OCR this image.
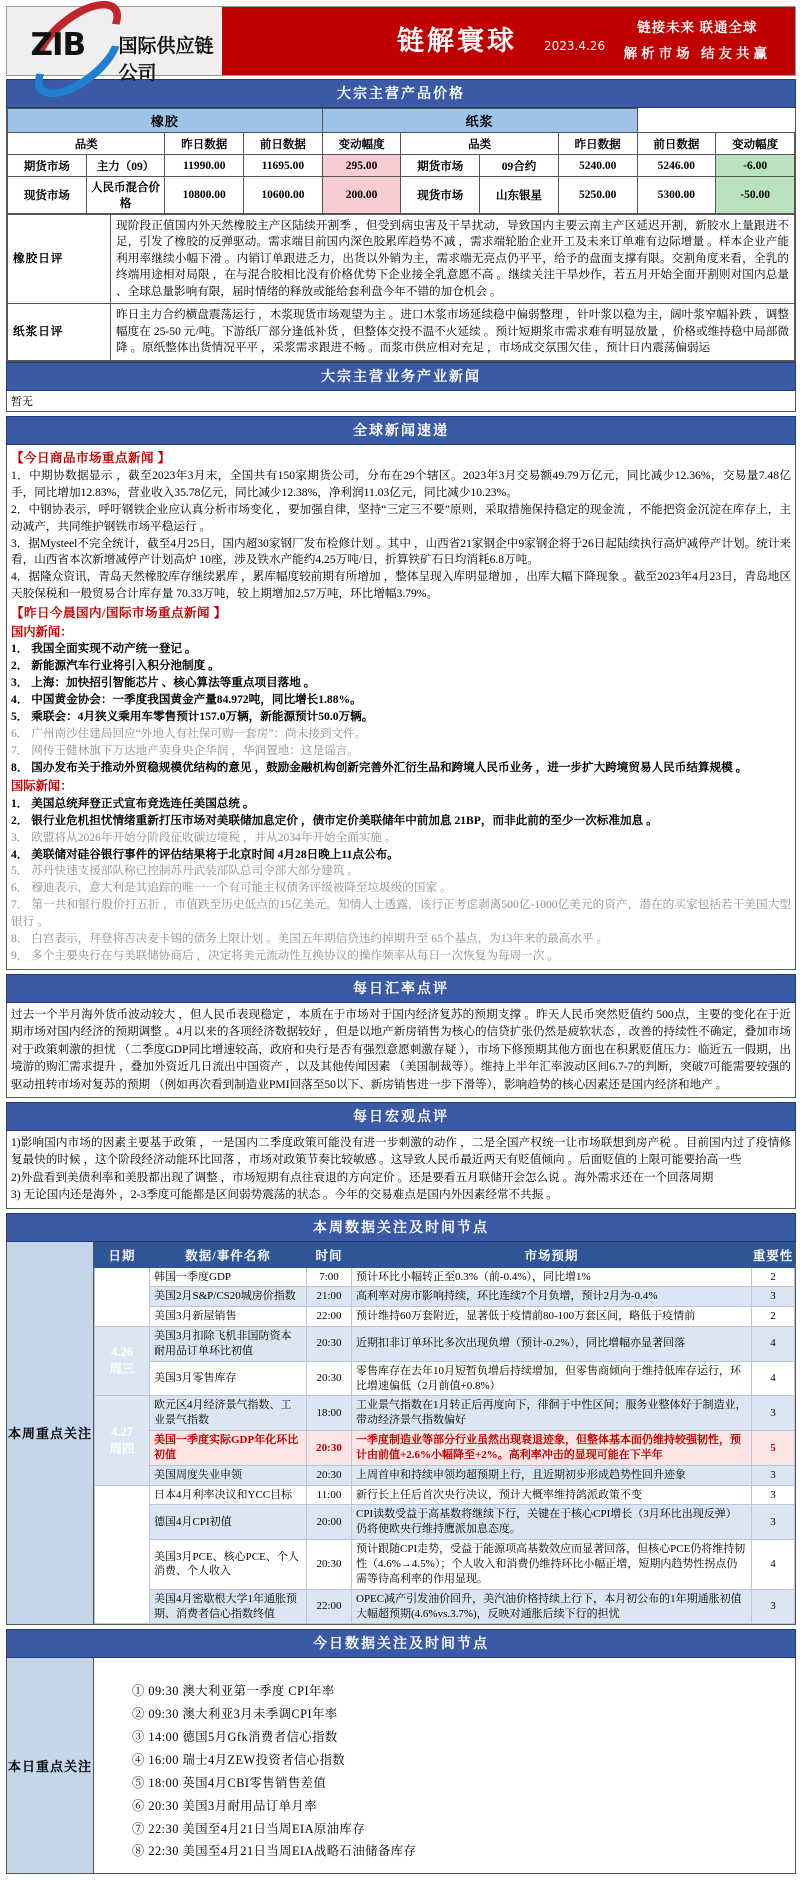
ZIB 国际供应链公司
链解寰球 2023.4.26
链接未来 联通全球
解析市场 结友共赢
大宗主营产品价格
橡胶				纸浆					
品类		昨日数据	前日数据	变动幅度	品类		昨日数据	前日数据	变动幅度
期货市场	主力（09）	11990.00	11695.00	295.00	期货市场	09合约	5240.00	5246.00	-6.00
现货市场	人民币混合价格	10800.00	10600.00	200.00	现货市场	山东银星	5250.00	5300.00	-50.00
橡胶日评	现阶段正值国内外天然橡胶主产区陆续开割季 ，但受到病虫害及干旱扰动，导致国内主要云南主产区延迟开割，新胶水上量跟进不足，引发了橡胶的反弹驱动。需求端目前国内深色胶累库趋势不减 ，需求端轮胎企业开工及未来订单难有边际增量 。样本企业产能利用率继续小幅下滑 。内销订单跟进乏力，出货以外销为主，需求端无亮点仍平平，给予的盘面支撑有限。交割角度来看，全乳的终端用途相对局限 ，在与混合胶相比没有价格优势下企业接全乳意愿不高 。继续关注干旱炒作，若五月开始全面开割则对国内总量 、全球总量影响有限，届时情绪的释放或能给套利盘今年不错的加仓机会 。
纸浆日评	昨日主力合约横盘震荡运行 ，木浆现货市场观望为主 。进口木浆市场延续稳中偏弱整理 ，针叶浆以稳为主，阔叶浆窄幅补跌 ，调整幅度在 25-50 元/吨。下游纸厂部分逢低补货 ，但整体交投不温不火延续 。预计短期浆市需求难有明显放量 ，价格或维持稳中局部微降 。原纸整体出货情况平平 ，采浆需求跟进不畅 。而浆市供应相对充足 ，市场成交氛围欠佳 ，预计日内震荡偏弱运
大宗主营业务产业新闻
暂无
全球新闻速递
【今日商品市场重点新闻 】
1．中期协数据显示 ，截至2023年3月末，全国共有150家期货公司，分布在29个辖区。2023年3月交易额49.79万亿元，同比减少12.36%，交易量7.48亿手，同比增加12.83%，营业收入35.78亿元，同比减少12.38%，净利润11.03亿元，同比减少10.23%。
2．中钢协表示，呼吁钢铁企业应认真分析市场变化 ，要加强自律，坚持“三定三不要”原则，采取措施保持稳定的现金流 ，不能把资金沉淀在库存上，主动减产，共同维护钢铁市场平稳运行 。
3．据Mysteel不完全统计，截至4月25日，国内超30家钢厂发布检修计划 。其中 ，山西省21家钢企中9家钢企将于26日起陆续执行高炉减停产计划。统计来看，山西省本次新增减停产计划高炉 10座，涉及铁水产能约4.25万吨/日，折算铁矿石日均消耗6.8万吨。
4．据隆众资讯，青岛天然橡胶库存继续累库 ，累库幅度较前期有所增加 ，整体呈现入库明显增加 ，出库大幅下降现象 。截至2023年4月23日，青岛地区天胶保税和一般贸易合计库存量 70.33万吨，较上期增加2.57万吨，环比增幅3.79%。
【昨日今晨国内/国际市场重点新闻 】
国内新闻：
1． 我国全面实现不动产统一登记 。
2． 新能源汽车行业将引入积分池制度 。
3． 上海：加快招引智能芯片 、核心算法等重点项目落地 。
4． 中国黄金协会：一季度我国黄金产量84.972吨，同比增长1.88%。
5． 乘联会：4月狭义乘用车零售预计157.0万辆，新能源预计50.0万辆。
6． 广州南沙住建局回应“外地人有社保可购一套房”：尚未接到文件。
7． 网传王健林旗下万达地产卖身央企华润 ，华润置地：这是谣言。
8． 国办发布关于推动外贸稳规模优结构的意见 ，鼓励金融机构创新完善外汇衍生品和跨境人民币业务 ，进一步扩大跨境贸易人民币结算规模 。
国际新闻：
1． 美国总统拜登正式宣布竞选连任美国总统 。
2． 银行业危机担忧情绪重新打压市场对美联储加息定价 ，债市定价美联储年中前加息 21BP，而非此前的至少一次标准加息 。
3． 欧盟将从2026年开始分阶段征收碳边境税 ，并从2034年开始全面实施 。
4． 美联储对硅谷银行事件的评估结果将于北京时间 4月28日晚上11点公布。
5． 苏丹快速支援部队称已控制苏丹武装部队总司令部大部分建筑 。
6． 穆迪表示，意大利是其追踪的唯一一个有可能主权债务评级被降至垃圾级的国家 。
7． 第一共和银行股价打五折 ，市值跌至历史低点的15亿美元。知情人士透露，该行正考虑剥离500亿-1000亿美元的资产，潜在的买家包括若干美国大型银行 。
8． 白宫表示，拜登将否决麦卡锡的债务上限计划 。美国五年期信贷违约掉期升至 65个基点，为13年来的最高水平 。
9． 多个主要央行在与美联储协商后 ，决定将美元流动性互换协议的操作频率从每日一次恢复为每周一次 。
每日汇率点评
过去一个半月海外货币波动较大 ，但人民币表现稳定 ，本质在于市场对于国内经济复苏的预期支撑 。昨天人民币突然贬值约 500点，主要的变化在于近期市场对国内经济的预期调整 。4月以来的各项经济数据较好 ，但是以地产新房销售为核心的信贷扩张仍然是疲软状态 ，改善的持续性不确定，叠加市场对于政策刺激的担忧 （二季度GDP同比增速较高，政府和央行是否有强烈意愿刺激存疑 ），市场下修预期其他方面也在积累贬值压力：临近五一假期，出境游的购汇需求提升 ，叠加外资近几日流出中国资产 ，以及其他传闻因素 （美国制裁等）。维持上半年汇率波动区间6.7-7的判断，突破7可能需要较强的驱动扭转市场对复苏的预期 （例如再次看到制造业PMI回落至50以下、新房销售进一步下滑等），影响趋势的核心因素还是国内经济和地产 。
每日宏观点评
1)影响国内市场的因素主要基于政策 ，一是国内二季度政策可能没有进一步刺激的动作 ，二是全国产权统一让市场联想到房产税 。目前国内过了疫情修复最快的时候 ，这个阶段经济动能环比回落 ，市场对政策节奏比较敏感 。这导致人民币最近两天有贬值倾向 。后面贬值的上限可能要抬高一些
2)外盘看到美债利率和美股都出现了调整 ，市场短期有点往衰退的方向定价 。还是要看五月联储开会怎么说 。海外需求还在一个回落周期
3) 无论国内还是海外 ，2-3季度可能都是区间弱势震荡的状态 。今年的交易难点是国内外因素经常不共振 。
本周数据关注及时间节点
本周重点关注
日期	数据/事件名称	时间	市场预期	重要性
4.25
周二	韩国一季度GDP	7:00	预计环比小幅转正至0.3%（前-0.4%），同比增1%	2
	美国2月S&P/CS20城房价指数	21:00	高利率对房市影响持续，环比连续7个月负增，预计2月为-0.4%	3
	美国3月新屋销售	22:00	预计维持60万套附近，显著低于疫情前80-100万套区间，略低于疫情前	2
4.26
周三	美国3月扣除飞机非国防资本耐用品订单环比初值	20:30	近期扣非订单环比多次出现负增（预计-0.2%），同比增幅亦显著回落	4
	美国3月零售库存	20:30	零售库存在去年10月短暂负增后持续增加，但零售商倾向于维持低库存运行，环比增速偏低（2月前值+0.8%）	4
4.27
周四	欧元区4月经济景气指数、工业景气指数	18:00	工业景气指数在1月转正后再度向下，徘徊于中性区间；服务业整体好于制造业，带动经济景气指数偏好	3
	美国一季度实际GDP年化环比初值	20:30	一季度制造业等部分行业虽然出现衰退迹象，但整体基本面仍维持较强韧性，预计由前值+2.6%小幅降至+2%。高利率冲击的显现可能在下半年	5
	美国周度失业申领	20:30	上周首申和持续申领均超预期上行，且近期初步形成趋势性回升迹象	3
4.28
周五	日本4月利率决议和YCC目标	11:00	新行长上任后首次央行决议，预计大概率维持鸽派政策不变	3
	德国4月CPI初值	20:00	CPI读数受益于高基数将继续下行，关键在于核心CPI增长（3月环比出现反弹）仍将使欧央行维持鹰派加息态度。	3
	美国3月PCE、核心PCE、个人消费、个人收入	20:30	预计跟随CPI走势，受益于能源项高基数效应而显著回落，但核心PCE仍将维持韧性（4.6%→4.5%）；个人收入和消费仍维持环比小幅正增，短期内趋势性拐点仍需等待高利率的作用显现。	4
	美国4月密歇根大学1年通胀预期、消费者信心指数终值	22:00	OPEC减产引发油价回升，美汽油价格持续上行下，本月初公布的1年期通胀初值大幅超预期(4.6%vs.3.7%)，反映对通胀后续下行的担忧	3
今日数据关注及时间节点
本日重点关注
① 09:30 澳大利亚第一季度 CPI年率
② 09:30 澳大利亚3月未季调CPI年率
③ 14:00 德国5月Gfk消费者信心指数
④ 16:00 瑞士4月ZEW投资者信心指数
⑤ 18:00 英国4月CBI零售销售差值
⑥ 20:30 美国3月耐用品订单月率
⑦ 22:30 美国至4月21日当周EIA原油库存
⑧ 22:30 美国至4月21日当周EIA战略石油储备库存
